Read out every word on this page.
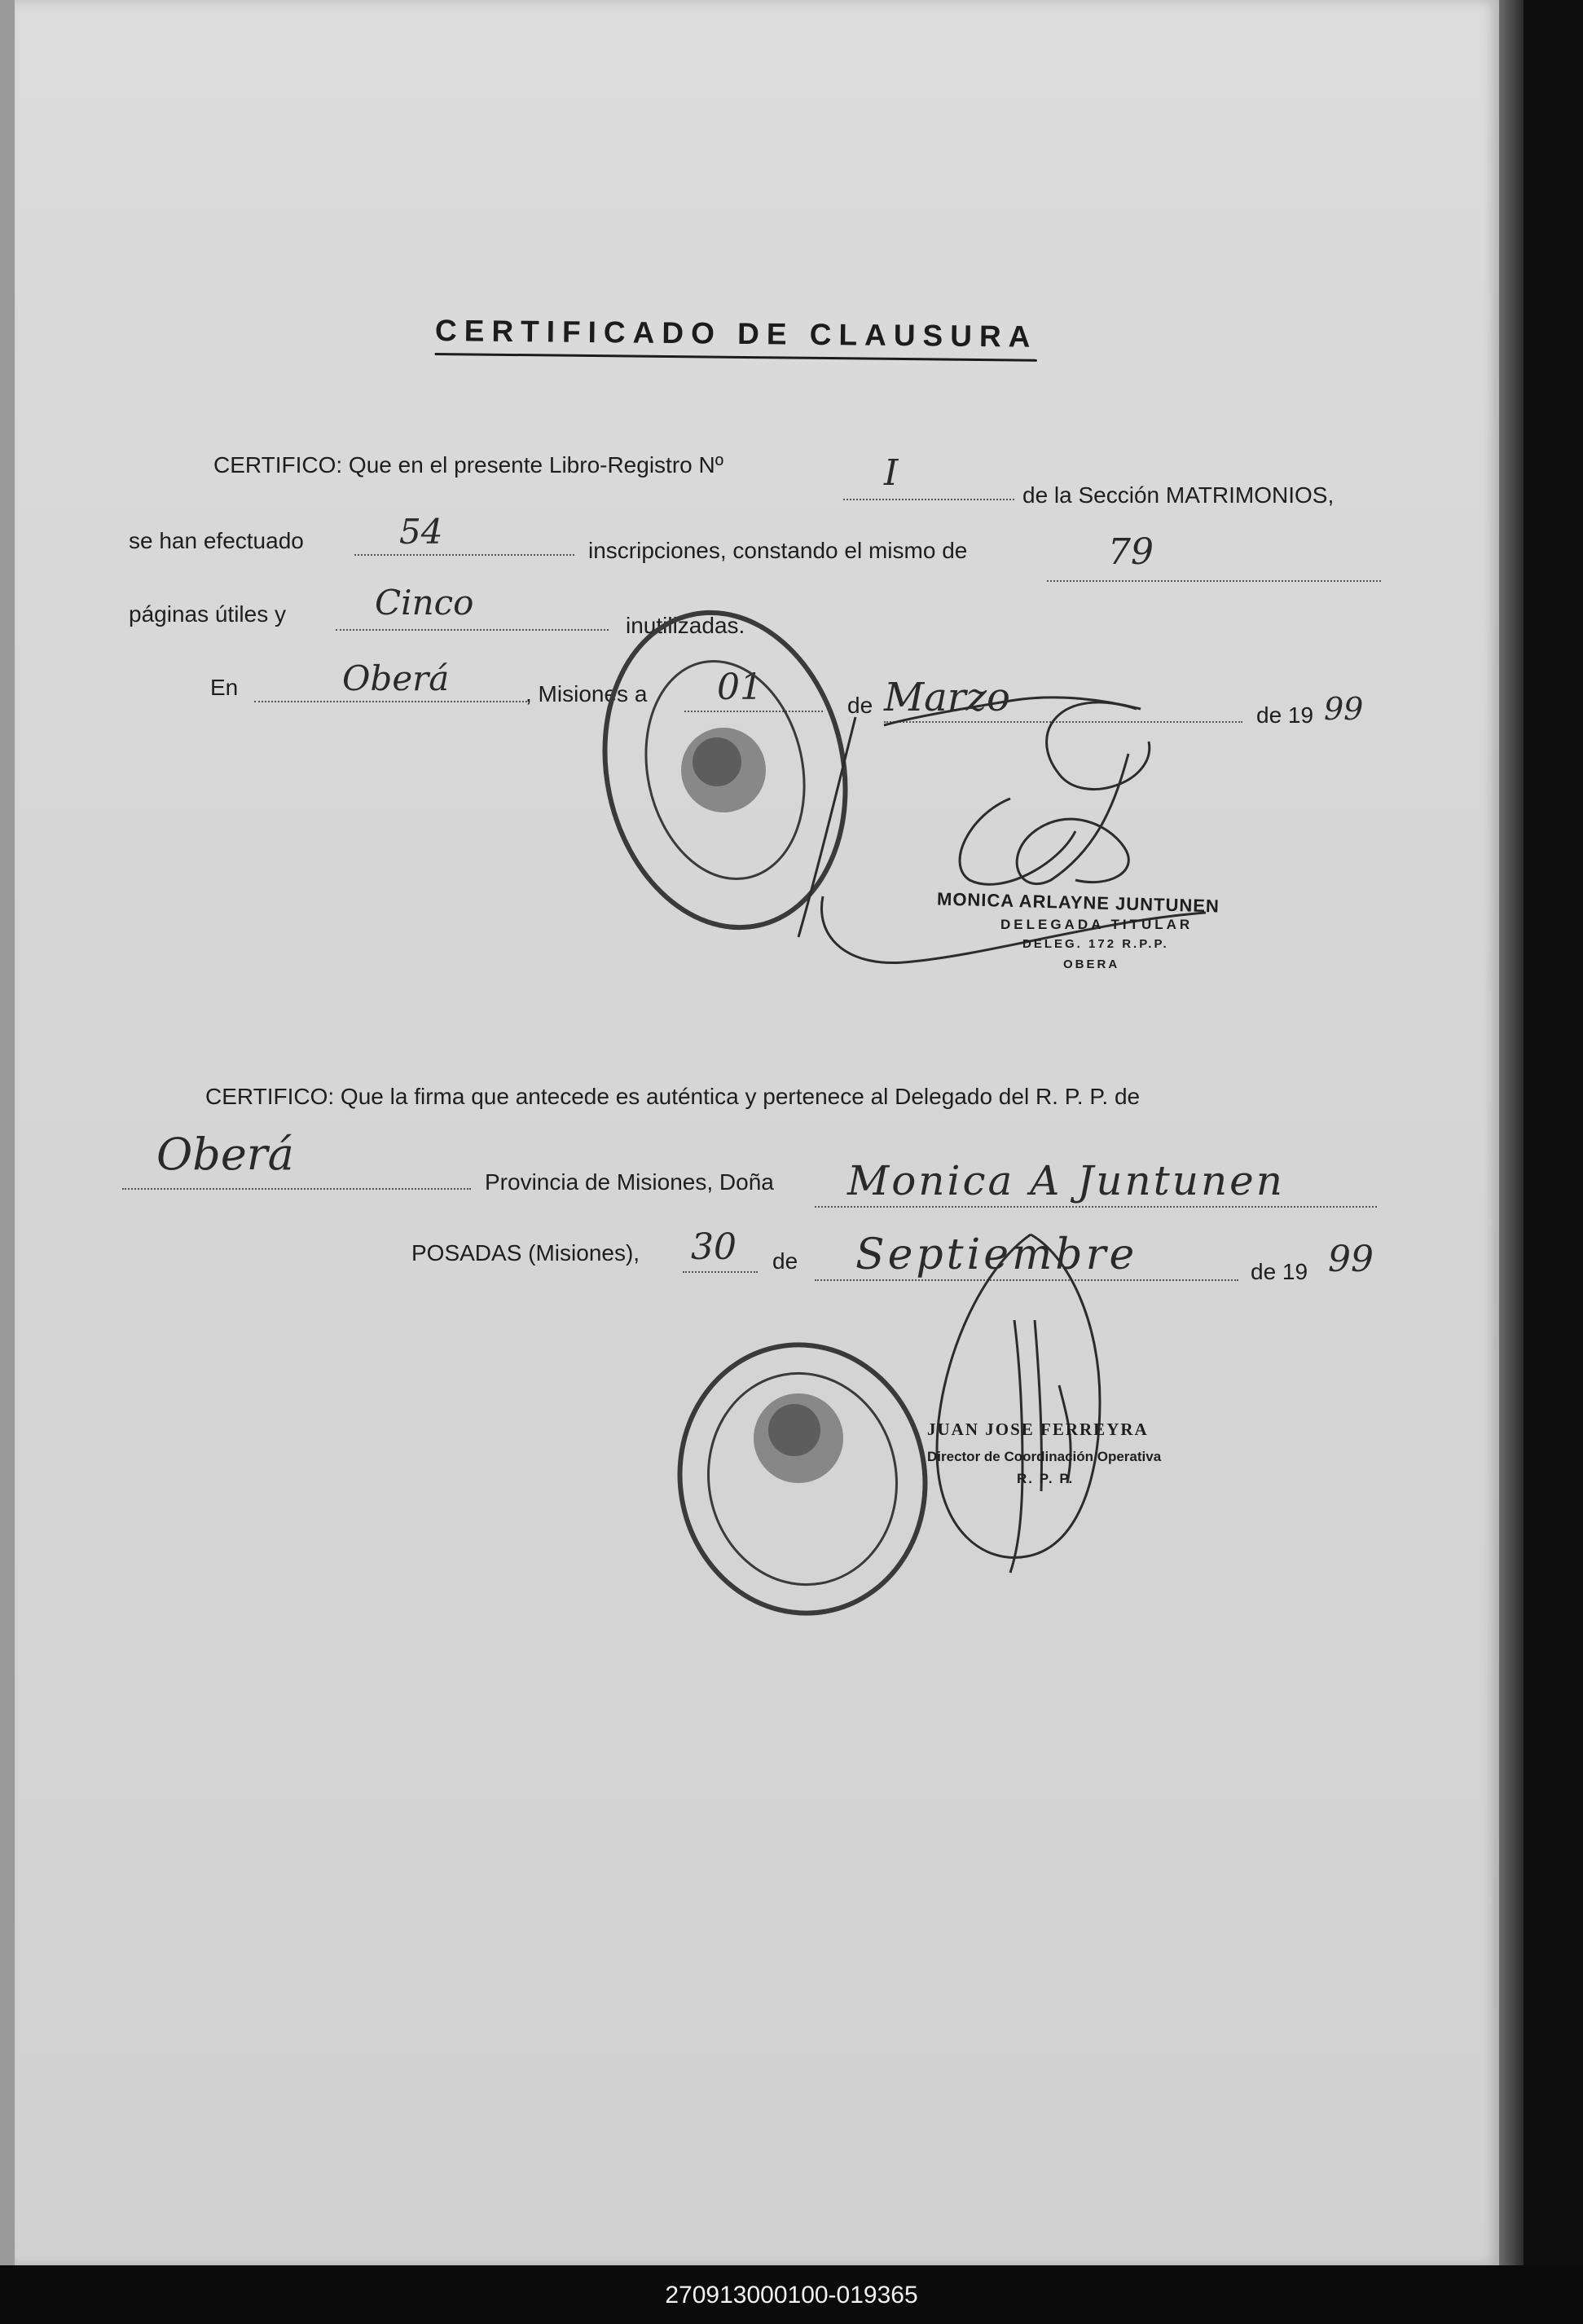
CERTIFICADO DE CLAUSURA
CERTIFICO: Que en el presente Libro-Registro Nº	I
de la Sección MATRIMONIOS,
se han efectuado	54	inscripciones, constando el mismo de	79
páginas útiles y	Cinco
inutilizadas.
En	Oberá	, Misiones a 01	de Marzo	de 19 99
MONICA ARLAYNE JUNTUNEN
DELEGADA TITULAR
DELEG. 172 R.P.P.
OBERA
CERTIFICO: Que la firma que antecede es auténtica y pertenece al Delegado del R. P. P. de
Oberá
Provincia de Misiones, Doña Monica A Juntunen
POSADAS (Misiones), 30 de Septiembre	de 19 99
JUAN JOSE FERREYRA
Director de Coordinación Operativa
R. P. P.
270913000100-019365
